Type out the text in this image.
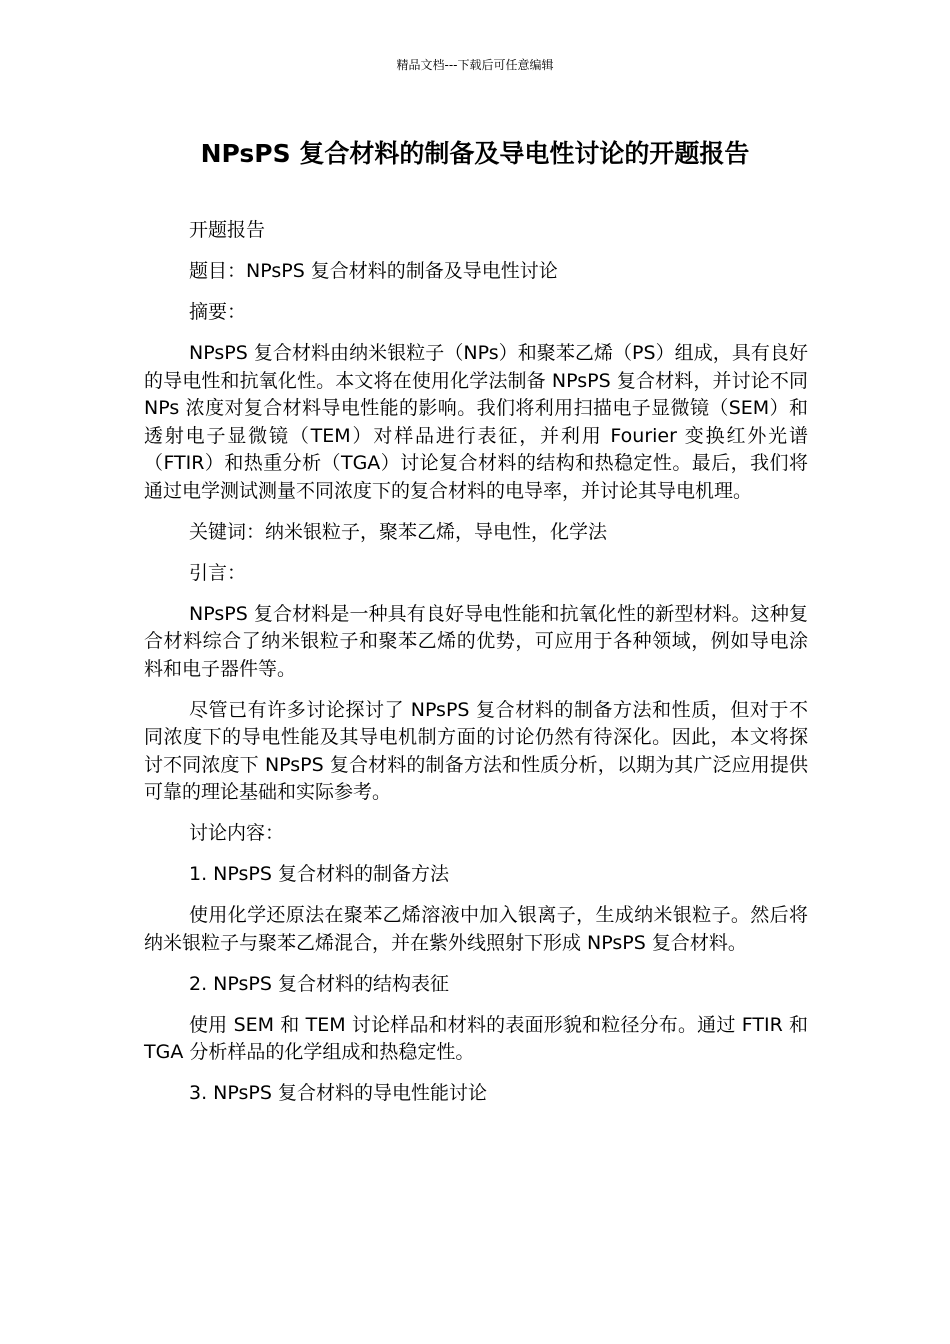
精品文档---下载后可任意编辑
NPsPS 复合材料的制备及导电性讨论的开题报告

开题报告

题目：NPsPS 复合材料的制备及导电性讨论

摘要：

NPsPS 复合材料由纳米银粒子（NPs）和聚苯乙烯（PS）组成，具有良好的导电性和抗氧化性。本文将在使用化学法制备 NPsPS 复合材料，并讨论不同 NPs 浓度对复合材料导电性能的影响。我们将利用扫描电子显微镜（SEM）和透射电子显微镜（TEM）对样品进行表征，并利用 Fourier 变换红外光谱（FTIR）和热重分析（TGA）讨论复合材料的结构和热稳定性。最后，我们将通过电学测试测量不同浓度下的复合材料的电导率，并讨论其导电机理。

关键词：纳米银粒子，聚苯乙烯，导电性，化学法

引言：

NPsPS 复合材料是一种具有良好导电性能和抗氧化性的新型材料。这种复合材料综合了纳米银粒子和聚苯乙烯的优势，可应用于各种领域，例如导电涂料和电子器件等。

尽管已有许多讨论探讨了 NPsPS 复合材料的制备方法和性质，但对于不同浓度下的导电性能及其导电机制方面的讨论仍然有待深化。因此，本文将探讨不同浓度下 NPsPS 复合材料的制备方法和性质分析，以期为其广泛应用提供可靠的理论基础和实际参考。

讨论内容：

1. NPsPS 复合材料的制备方法

使用化学还原法在聚苯乙烯溶液中加入银离子，生成纳米银粒子。然后将纳米银粒子与聚苯乙烯混合，并在紫外线照射下形成 NPsPS 复合材料。

2. NPsPS 复合材料的结构表征

使用 SEM 和 TEM 讨论样品和材料的表面形貌和粒径分布。通过 FTIR 和 TGA 分析样品的化学组成和热稳定性。

3. NPsPS 复合材料的导电性能讨论
